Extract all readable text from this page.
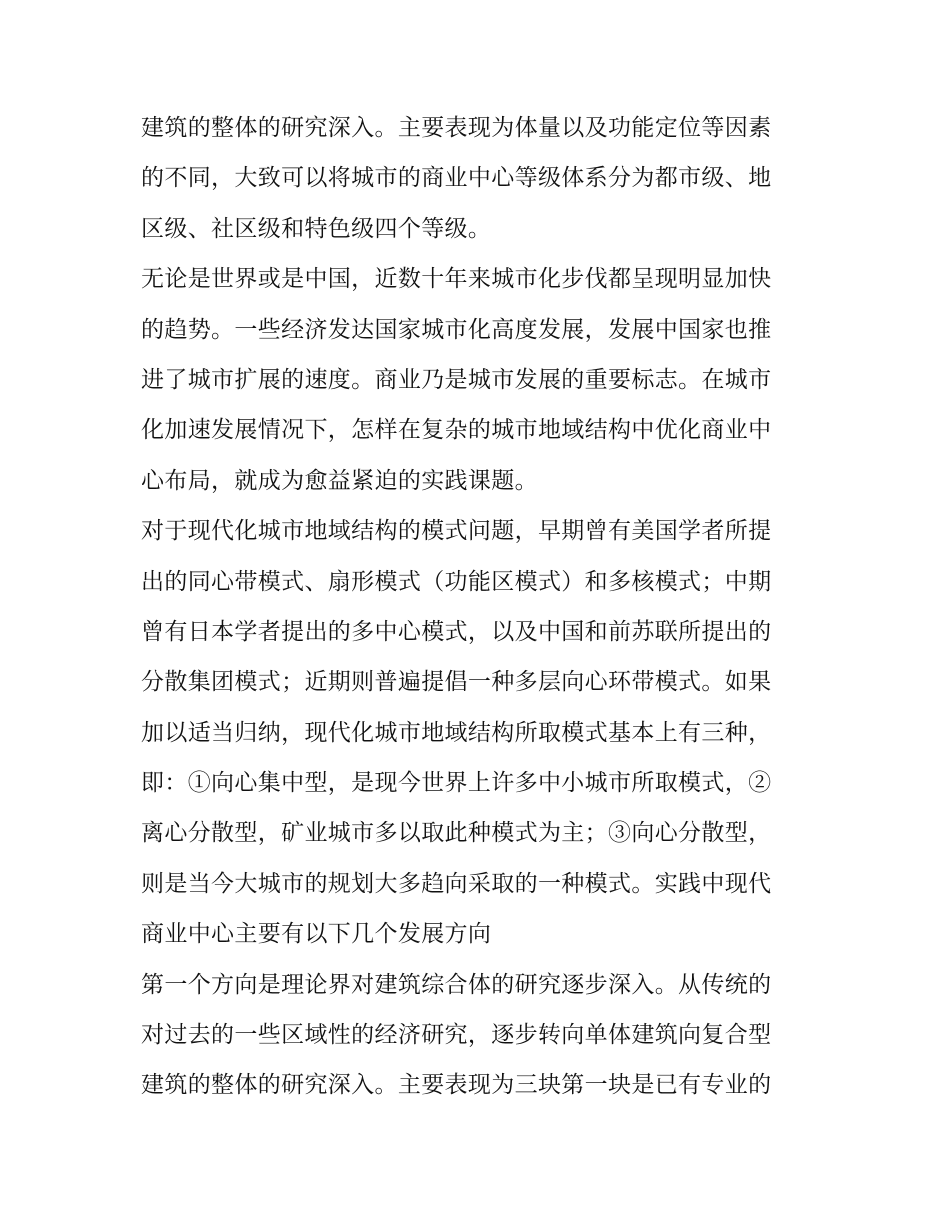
建筑的整体的研究深入。主要表现为体量以及功能定位等因素
的不同，大致可以将城市的商业中心等级体系分为都市级、地
区级、社区级和特色级四个等级。
无论是世界或是中国，近数十年来城市化步伐都呈现明显加快
的趋势。一些经济发达国家城市化高度发展，发展中国家也推
进了城市扩展的速度。商业乃是城市发展的重要标志。在城市
化加速发展情况下，怎样在复杂的城市地域结构中优化商业中
心布局，就成为愈益紧迫的实践课题。
对于现代化城市地域结构的模式问题，早期曾有美国学者所提
出的同心带模式、扇形模式（功能区模式）和多核模式；中期
曾有日本学者提出的多中心模式，以及中国和前苏联所提出的
分散集团模式；近期则普遍提倡一种多层向心环带模式。如果
加以适当归纳，现代化城市地域结构所取模式基本上有三种，
即：①向心集中型，是现今世界上许多中小城市所取模式，②
离心分散型，矿业城市多以取此种模式为主；③向心分散型，
则是当今大城市的规划大多趋向采取的一种模式。实践中现代
商业中心主要有以下几个发展方向
第一个方向是理论界对建筑综合体的研究逐步深入。从传统的
对过去的一些区域性的经济研究，逐步转向单体建筑向复合型
建筑的整体的研究深入。主要表现为三块第一块是已有专业的
